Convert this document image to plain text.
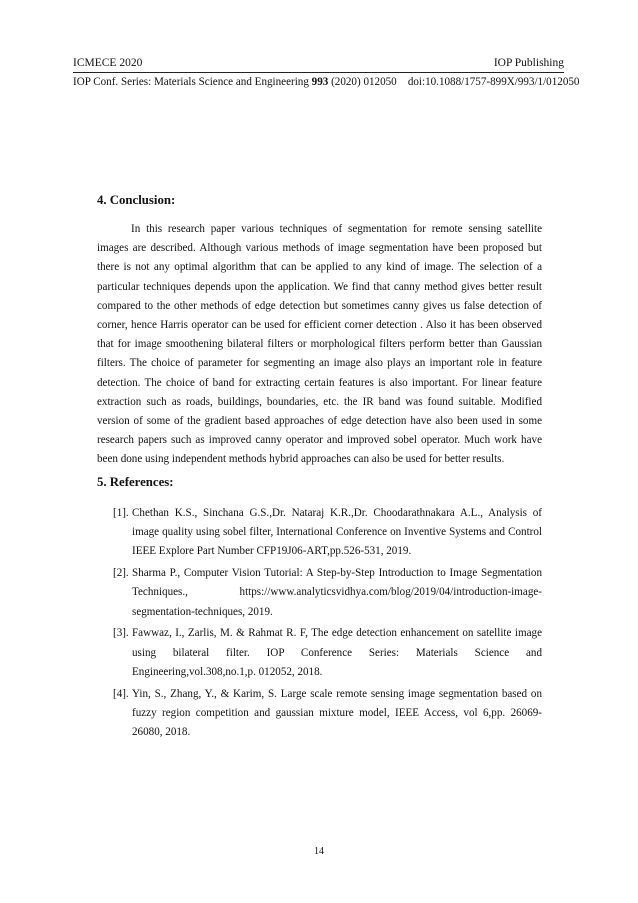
ICMECE 2020	IOP Publishing
IOP Conf. Series: Materials Science and Engineering 993 (2020) 012050    doi:10.1088/1757-899X/993/1/012050
4. Conclusion:
In this research paper various techniques of segmentation for remote sensing satellite images are described. Although various methods of image segmentation have been proposed but there is not any optimal algorithm that can be applied to any kind of image. The selection of a particular techniques depends upon the application. We find that canny method gives better result compared to the other methods of edge detection but sometimes canny gives us false detection of corner, hence Harris operator can be used for efficient corner detection . Also it has been observed that for image smoothening bilateral filters or morphological filters perform better than Gaussian filters. The choice of parameter for segmenting an image also plays an important role in feature detection. The choice of band for extracting certain features is also important. For linear feature extraction such as roads, buildings, boundaries, etc. the IR band was found suitable. Modified version of some of the gradient based approaches of edge detection have also been used in some research papers such as improved canny operator and improved sobel operator. Much work have been done using independent methods hybrid approaches can also be used for better results.
5. References:
[1]. Chethan K.S., Sinchana G.S.,Dr. Nataraj K.R.,Dr. Choodarathnakara A.L., Analysis of image quality using sobel filter, International Conference on Inventive Systems and Control IEEE Explore Part Number CFP19J06-ART,pp.526-531, 2019.
[2]. Sharma P., Computer Vision Tutorial: A Step-by-Step Introduction to Image Segmentation Techniques., https://www.analyticsvidhya.com/blog/2019/04/introduction-image-segmentation-techniques, 2019.
[3]. Fawwaz, I., Zarlis, M. & Rahmat R. F, The edge detection enhancement on satellite image using bilateral filter. IOP Conference Series: Materials Science and Engineering,vol.308,no.1,p. 012052, 2018.
[4]. Yin, S., Zhang, Y., & Karim, S. Large scale remote sensing image segmentation based on fuzzy region competition and gaussian mixture model, IEEE Access, vol 6,pp. 26069-26080, 2018.
14
